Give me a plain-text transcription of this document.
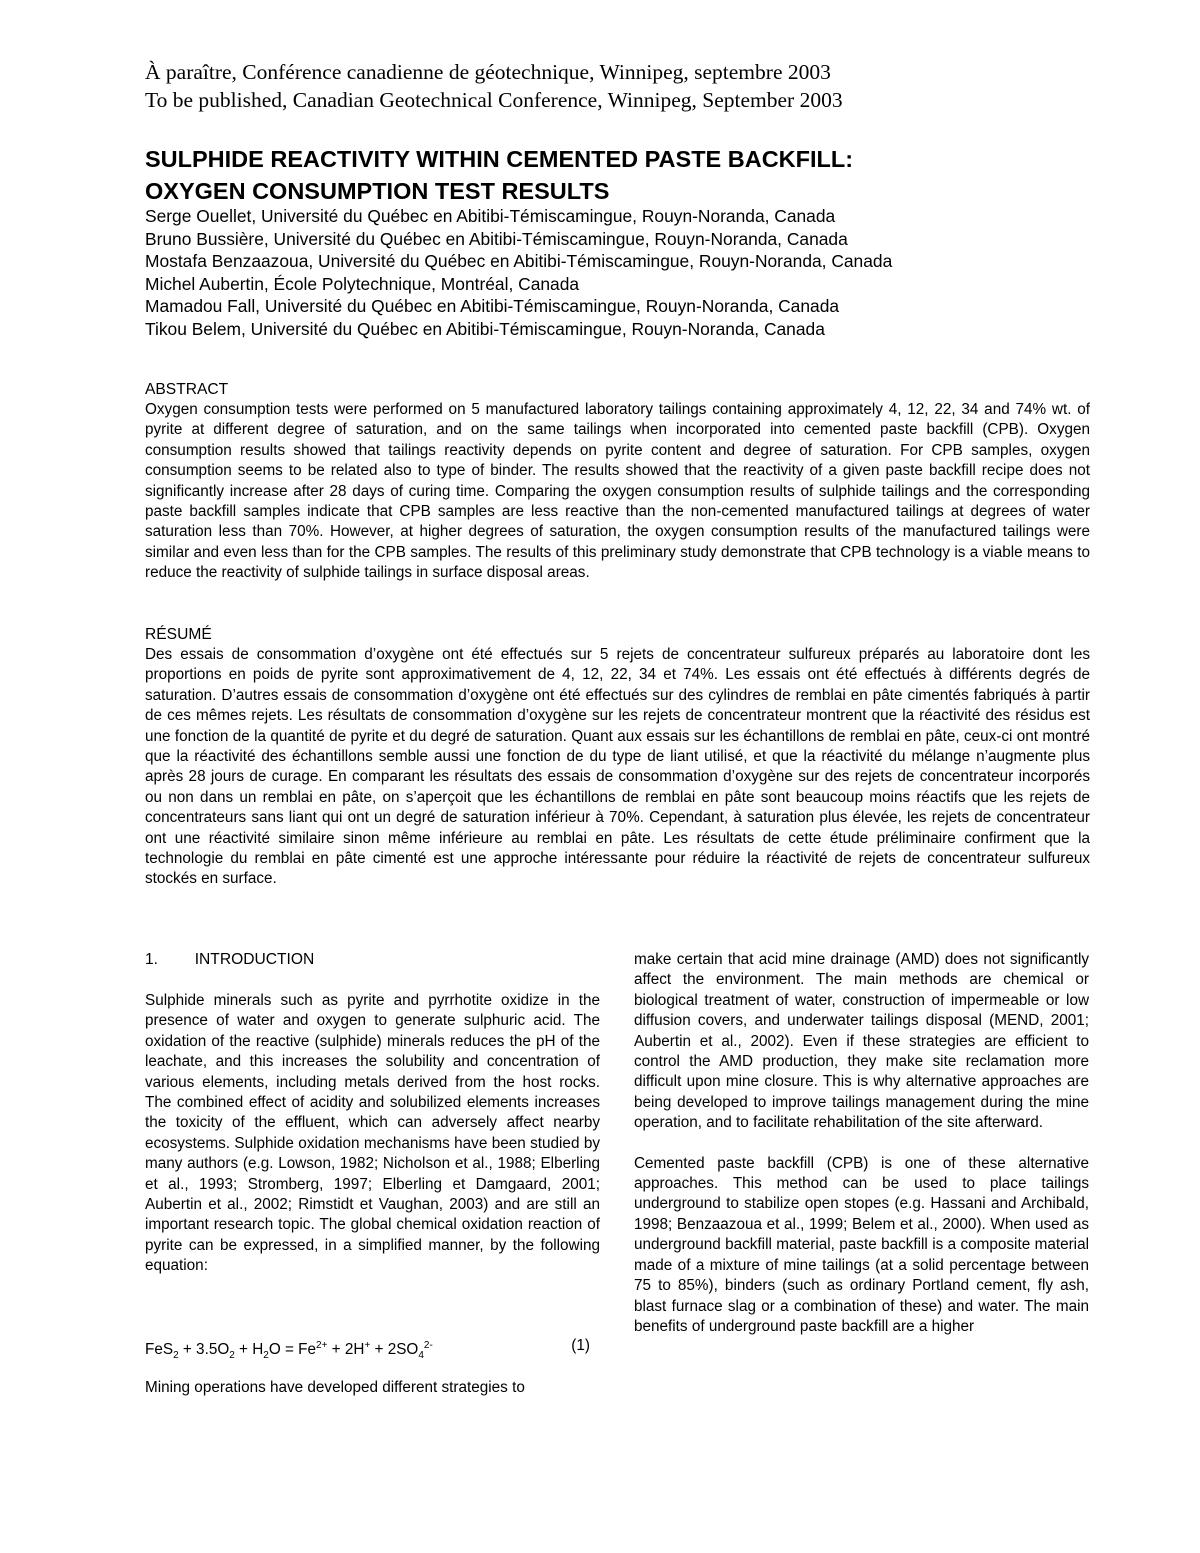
À paraître, Conférence canadienne de géotechnique, Winnipeg, septembre 2003
To be published, Canadian Geotechnical Conference, Winnipeg, September 2003
SULPHIDE REACTIVITY WITHIN CEMENTED PASTE BACKFILL:
OXYGEN CONSUMPTION TEST RESULTS
Serge Ouellet, Université du Québec en Abitibi-Témiscamingue, Rouyn-Noranda, Canada
Bruno Bussière, Université du Québec en Abitibi-Témiscamingue, Rouyn-Noranda, Canada
Mostafa Benzaazoua, Université du Québec en Abitibi-Témiscamingue, Rouyn-Noranda, Canada
Michel Aubertin, École Polytechnique, Montréal, Canada
Mamadou Fall, Université du Québec en Abitibi-Témiscamingue, Rouyn-Noranda, Canada
Tikou Belem, Université du Québec en Abitibi-Témiscamingue, Rouyn-Noranda, Canada
ABSTRACT
Oxygen consumption tests were performed on 5 manufactured laboratory tailings containing approximately 4, 12, 22, 34 and 74% wt. of pyrite at different degree of saturation, and on the same tailings when incorporated into cemented paste backfill (CPB). Oxygen consumption results showed that tailings reactivity depends on pyrite content and degree of saturation. For CPB samples, oxygen consumption seems to be related also to type of binder. The results showed that the reactivity of a given paste backfill recipe does not significantly increase after 28 days of curing time. Comparing the oxygen consumption results of sulphide tailings and the corresponding paste backfill samples indicate that CPB samples are less reactive than the non-cemented manufactured tailings at degrees of water saturation less than 70%. However, at higher degrees of saturation, the oxygen consumption results of the manufactured tailings were similar and even less than for the CPB samples. The results of this preliminary study demonstrate that CPB technology is a viable means to reduce the reactivity of sulphide tailings in surface disposal areas.
RÉSUMÉ
Des essais de consommation d’oxygène ont été effectués sur 5 rejets de concentrateur sulfureux préparés au laboratoire dont les proportions en poids de pyrite sont approximativement de 4, 12, 22, 34 et 74%. Les essais ont été effectués à différents degrés de saturation. D’autres essais de consommation d’oxygène ont été effectués sur des cylindres de remblai en pâte cimentés fabriqués à partir de ces mêmes rejets. Les résultats de consommation d’oxygène sur les rejets de concentrateur montrent que la réactivité des résidus est une fonction de la quantité de pyrite et du degré de saturation. Quant aux essais sur les échantillons de remblai en pâte, ceux-ci ont montré que la réactivité des échantillons semble aussi une fonction de du type de liant utilisé, et que la réactivité du mélange n’augmente plus après 28 jours de curage. En comparant les résultats des essais de consommation d’oxygène sur des rejets de concentrateur incorporés ou non dans un remblai en pâte, on s’aperçoit que les échantillons de remblai en pâte sont beaucoup moins réactifs que les rejets de concentrateurs sans liant qui ont un degré de saturation inférieur à 70%. Cependant, à saturation plus élevée, les rejets de concentrateur ont une réactivité similaire sinon même inférieure au remblai en pâte. Les résultats de cette étude préliminaire confirment que la technologie du remblai en pâte cimenté est une approche intéressante pour réduire la réactivité de rejets de concentrateur sulfureux stockés en surface.
1. INTRODUCTION

Sulphide minerals such as pyrite and pyrrhotite oxidize in the presence of water and oxygen to generate sulphuric acid. The oxidation of the reactive (sulphide) minerals reduces the pH of the leachate, and this increases the solubility and concentration of various elements, including metals derived from the host rocks. The combined effect of acidity and solubilized elements increases the toxicity of the effluent, which can adversely affect nearby ecosystems. Sulphide oxidation mechanisms have been studied by many authors (e.g. Lowson, 1982; Nicholson et al., 1988; Elberling et al., 1993; Stromberg, 1997; Elberling et Damgaard, 2001; Aubertin et al., 2002; Rimstidt et Vaughan, 2003) and are still an important research topic. The global chemical oxidation reaction of pyrite can be expressed, in a simplified manner, by the following equation:

$FeS_2 + 3.5O_2 + H_2O = Fe^{2+} + 2H^+ + 2SO_4^{2-}$	(1)

Mining operations have developed different strategies to

make certain that acid mine drainage (AMD) does not significantly affect the environment. The main methods are chemical or biological treatment of water, construction of impermeable or low diffusion covers, and underwater tailings disposal (MEND, 2001; Aubertin et al., 2002). Even if these strategies are efficient to control the AMD production, they make site reclamation more difficult upon mine closure. This is why alternative approaches are being developed to improve tailings management during the mine operation, and to facilitate rehabilitation of the site afterward.

Cemented paste backfill (CPB) is one of these alternative approaches. This method can be used to place tailings underground to stabilize open stopes (e.g. Hassani and Archibald, 1998; Benzaazoua et al., 1999; Belem et al., 2000). When used as underground backfill material, paste backfill is a composite material made of a mixture of mine tailings (at a solid percentage between 75 to 85%), binders (such as ordinary Portland cement, fly ash, blast furnace slag or a combination of these) and water. The main benefits of underground paste backfill are a higher
